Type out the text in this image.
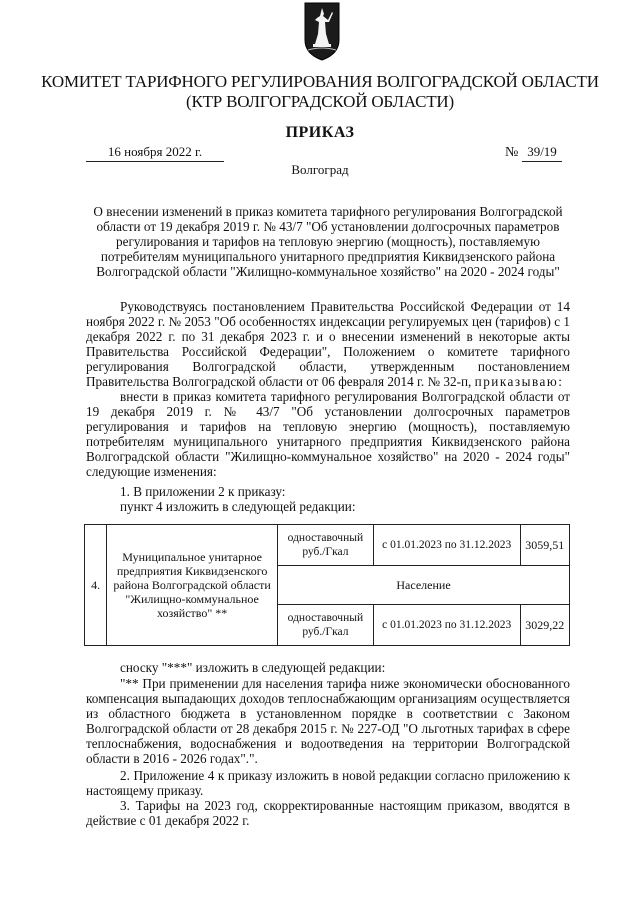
КОМИТЕТ ТАРИФНОГО РЕГУЛИРОВАНИЯ ВОЛГОГРАДСКОЙ ОБЛАСТИ
(КТР ВОЛГОГРАДСКОЙ ОБЛАСТИ)
ПРИКАЗ
16 ноября 2022 г.	№ 39/19
Волгоград
О внесении изменений в приказ комитета тарифного регулирования Волгоградской области от 19 декабря 2019 г. № 43/7 "Об установлении долгосрочных параметров регулирования и тарифов на тепловую энергию (мощность), поставляемую потребителям муниципального унитарного предприятия Киквидзенского района Волгоградской области "Жилищно-коммунальное хозяйство" на 2020 - 2024 годы"
Руководствуясь постановлением Правительства Российской Федерации от 14 ноября 2022 г. № 2053 "Об особенностях индексации регулируемых цен (тарифов) с 1 декабря 2022 г. по 31 декабря 2023 г. и о внесении изменений в некоторые акты Правительства Российской Федерации", Положением о комитете тарифного регулирования Волгоградской области, утвержденным постановлением Правительства Волгоградской области от 06 февраля 2014 г. № 32-п, приказываю:
внести в приказ комитета тарифного регулирования Волгоградской области от 19 декабря 2019 г. № 43/7 "Об установлении долгосрочных параметров регулирования и тарифов на тепловую энергию (мощность), поставляемую потребителям муниципального унитарного предприятия Киквидзенского района Волгоградской области "Жилищно-коммунальное хозяйство" на 2020 - 2024 годы" следующие изменения:
1. В приложении 2 к приказу:
пункт 4 изложить в следующей редакции:
4.	Муниципальное унитарное предприятия Киквидзенского района Волгоградской области "Жилищно-коммунальное хозяйство" **	одноставочный руб./Гкал	с 01.01.2023 по 31.12.2023	3059,51
		Население		
		одноставочный руб./Гкал	с 01.01.2023 по 31.12.2023	3029,22
сноску "***" изложить в следующей редакции:
"** При применении для населения тарифа ниже экономически обоснованного компенсация выпадающих доходов теплоснабжающим организациям осуществляется из областного бюджета в установленном порядке в соответствии с Законом Волгоградской области от 28 декабря 2015 г. № 227-ОД "О льготных тарифах в сфере теплоснабжения, водоснабжения и водоотведения на территории Волгоградской области в 2016 - 2026 годах".".
2. Приложение 4 к приказу изложить в новой редакции согласно приложению к настоящему приказу.
3. Тарифы на 2023 год, скорректированные настоящим приказом, вводятся в действие с 01 декабря 2022 г.
